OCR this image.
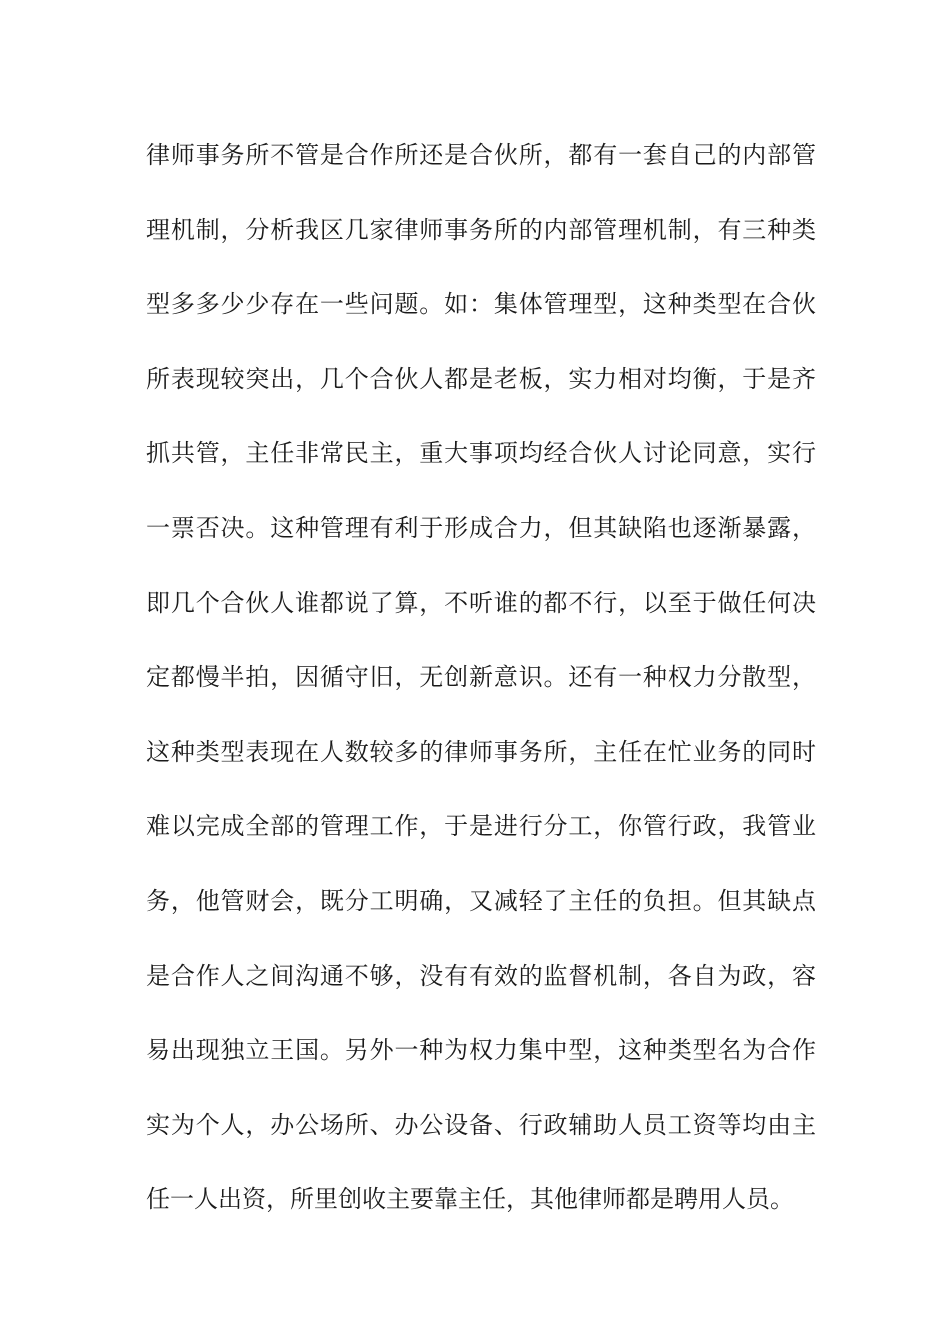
律师事务所不管是合作所还是合伙所，都有一套自己的内部管
理机制，分析我区几家律师事务所的内部管理机制，有三种类
型多多少少存在一些问题。如：集体管理型，这种类型在合伙
所表现较突出，几个合伙人都是老板，实力相对均衡，于是齐
抓共管，主任非常民主，重大事项均经合伙人讨论同意，实行
一票否决。这种管理有利于形成合力，但其缺陷也逐渐暴露，
即几个合伙人谁都说了算，不听谁的都不行，以至于做任何决
定都慢半拍，因循守旧，无创新意识。还有一种权力分散型，
这种类型表现在人数较多的律师事务所，主任在忙业务的同时
难以完成全部的管理工作，于是进行分工，你管行政，我管业
务，他管财会，既分工明确，又减轻了主任的负担。但其缺点
是合作人之间沟通不够，没有有效的监督机制，各自为政，容
易出现独立王国。另外一种为权力集中型，这种类型名为合作
实为个人，办公场所、办公设备、行政辅助人员工资等均由主
任一人出资，所里创收主要靠主任，其他律师都是聘用人员。
